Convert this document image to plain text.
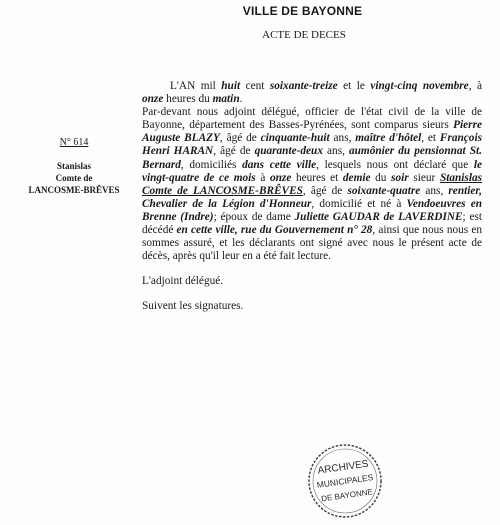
VILLE DE BAYONNE
ACTE DE DECES
N° 614
Stanislas
Comte de
LANCOSME-BRÊVES

L'AN mil huit cent soixante-treize et le vingt-cinq novembre, à onze heures du matin.

Par-devant nous adjoint délégué, officier de l'état civil de la ville de Bayonne, département des Basses-Pyrénées, sont comparus sieurs Pierre Auguste BLAZY, âgé de cinquante-huit ans, maître d'hôtel, et François Henri HARAN, âgé de quarante-deux ans, aumônier du pensionnat St. Bernard, domiciliés dans cette ville, lesquels nous ont déclaré que le vingt-quatre de ce mois à onze heures et demie du soir sieur Stanislas Comte de LANCOSME-BRÊVES, âgé de soixante-quatre ans, rentier, Chevalier de la Légion d'Honneur, domicilié et né à Vendoeuvres en Brenne (Indre); époux de dame Juliette GAUDAR de LAVERDINE; est décédé en cette ville, rue du Gouvernement n° 28, ainsi que nous nous en sommes assuré, et les déclarants ont signé avec nous le présent acte de décès, après qu'il leur en a été fait lecture.

L'adjoint délégué.

Suivent les signatures.

ARCHIVES
MUNICIPALES
DE BAYONNE
